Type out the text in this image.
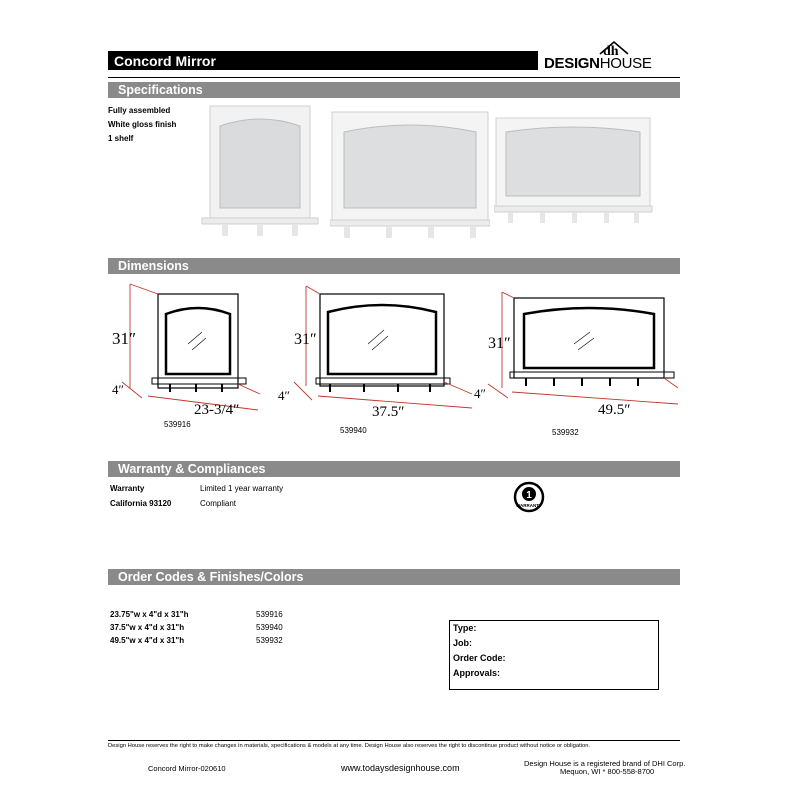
Concord Mirror
dh
DESIGNHOUSE
Specifications
Fully assembled
White gloss finish
1 shelf
Dimensions
31″
4″
23-3/4″
539916
31″
4″
37.5″
539940
31″
4″
49.5″
539932
Warranty & Compliances
Warranty	Limited 1 year warranty
California 93120	Compliant
1
WARRANTY
Order Codes & Finishes/Colors
23.75"w x 4"d x 31"h	539916
37.5"w x 4"d x 31"h	539940
49.5"w x 4"d x 31"h	539932
Type:
Job:
Order Code:
Approvals:
Design House reserves the right to make changes in materials, specifications & models at any time. Design House also reserves the right to discontinue product without notice or obligation.
Concord Mirror-020610	www.todaysdesignhouse.com	Design House is a registered brand of DHI Corp.
Mequon, WI * 800-558-8700
